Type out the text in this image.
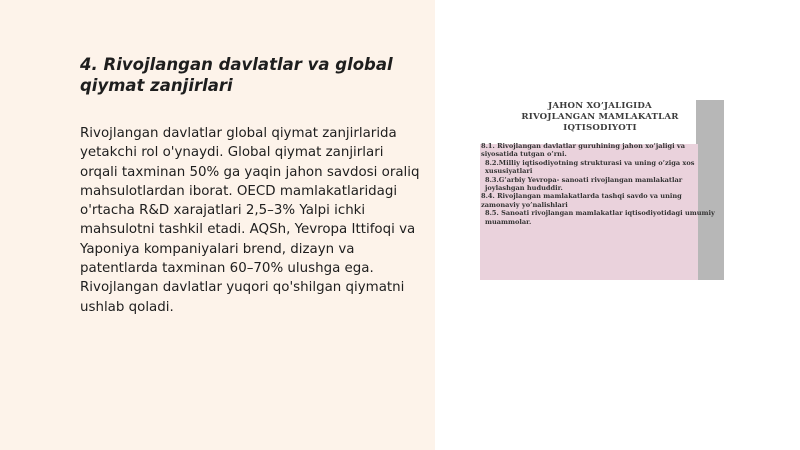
4. Rivojlangan davlatlar va global qiymat zanjirlari

Rivojlangan davlatlar global qiymat zanjirlarida yetakchi rol o'ynaydi. Global qiymat zanjirlari orqali taxminan 50% ga yaqin jahon savdosi oraliq mahsulotlardan iborat. OECD mamlakatlaridagi o'rtacha R&D xarajatlari 2,5–3% Yalpi ichki mahsulotni tashkil etadi. AQSh, Yevropa Ittifoqi va Yaponiya kompaniyalari brend, dizayn va patentlarda taxminan 60–70% ulushga ega. Rivojlangan davlatlar yuqori qo'shilgan qiymatni ushlab qoladi.

JAHON XO’JALIGIDA
RIVOJLANGAN MAMLAKATLAR
IQTISODIYOTI

8.1. Rivojlangan davlatlar guruhining jahon xo’jaligi va siyosatida tutgan o’rni.

8.2.Milliy iqtisodiyotning strukturasi va uning o’ziga xos xususiyatlari

8.3.G’arbiy Yevropa- sanoati rivojlangan mamlakatlar joylashgan hududdir.

8.4. Rivojlangan mamlakatlarda tashqi savdo va uning zamonaviy yo’nalishlari

8.5. Sanoati rivojlangan mamlakatlar iqtisodiyotidagi umumiy muammolar.
